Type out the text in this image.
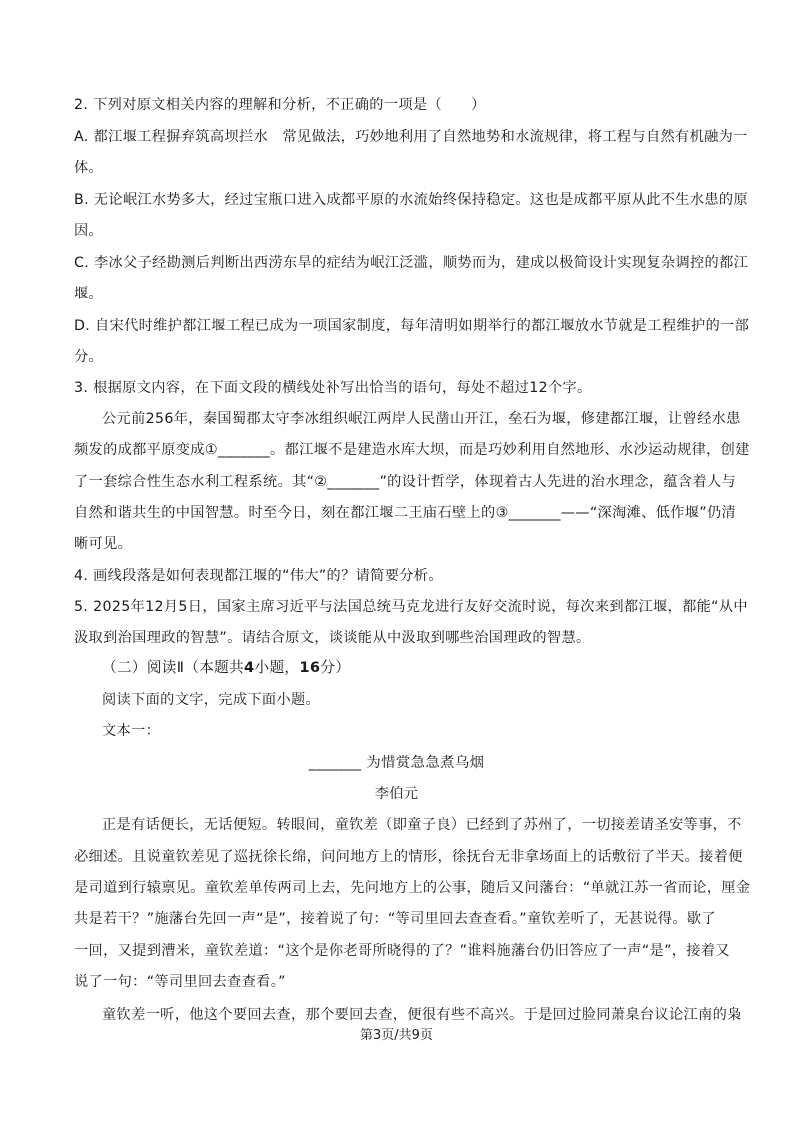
2. 下列对原文相关内容的理解和分析，不正确的一项是（　　）
A. 都江堰工程摒弃筑高坝拦水　常见做法，巧妙地利用了自然地势和水流规律，将工程与自然有机融为一
体。
B. 无论岷江水势多大，经过宝瓶口进入成都平原的水流始终保持稳定。这也是成都平原从此不生水患的原
因。
C. 李冰父子经勘测后判断出西涝东旱的症结为岷江泛滥，顺势而为，建成以极简设计实现复杂调控的都江
堰。
D. 自宋代时维护都江堰工程已成为一项国家制度，每年清明如期举行的都江堰放水节就是工程维护的一部
分。
3. 根据原文内容，在下面文段的横线处补写出恰当的语句，每处不超过12个字。
公元前256年，秦国蜀郡太守李冰组织岷江两岸人民凿山开江，垒石为堰，修建都江堰，让曾经水患
频发的成都平原变成①_______。都江堰不是建造水库大坝，而是巧妙利用自然地形、水沙运动规律，创建
了一套综合性生态水利工程系统。其“②_______”的设计哲学，体现着古人先进的治水理念，蕴含着人与
自然和谐共生的中国智慧。时至今日，刻在都江堰二王庙石壁上的③_______——“深淘滩、低作堰”仍清
晰可见。
4. 画线段落是如何表现都江堰的“伟大”的？请简要分析。
5. 2025年12月5日，国家主席习近平与法国总统马克龙进行友好交流时说，每次来到都江堰，都能“从中
汲取到治国理政的智慧”。请结合原文，谈谈能从中汲取到哪些治国理政的智慧。
（二）阅读Ⅱ（本题共4小题，16分）
阅读下面的文字，完成下面小题。
文本一：
_______ 为惜赏急急煮乌烟
李伯元
正是有话便长，无话便短。转眼间，童钦差（即童子良）已经到了苏州了，一切接差请圣安等事，不
必细述。且说童钦差见了巡抚徐长绵，问问地方上的情形，徐抚台无非拿场面上的话敷衍了半天。接着便
是司道到行辕禀见。童钦差单传两司上去，先问地方上的公事，随后又问藩台：“单就江苏一省而论，厘金
共是若干？”施藩台先回一声“是”，接着说了句：“等司里回去查查看。”童钦差听了，无甚说得。歇了
一回，又提到漕米，童钦差道：“这个是你老哥所晓得的了？”谁料施藩台仍旧答应了一声“是”，接着又
说了一句：“等司里回去查查看。”
童钦差一听，他这个要回去查，那个要回去查，便很有些不高兴。于是回过脸同萧臬台议论江南的枭
第3页/共9页
